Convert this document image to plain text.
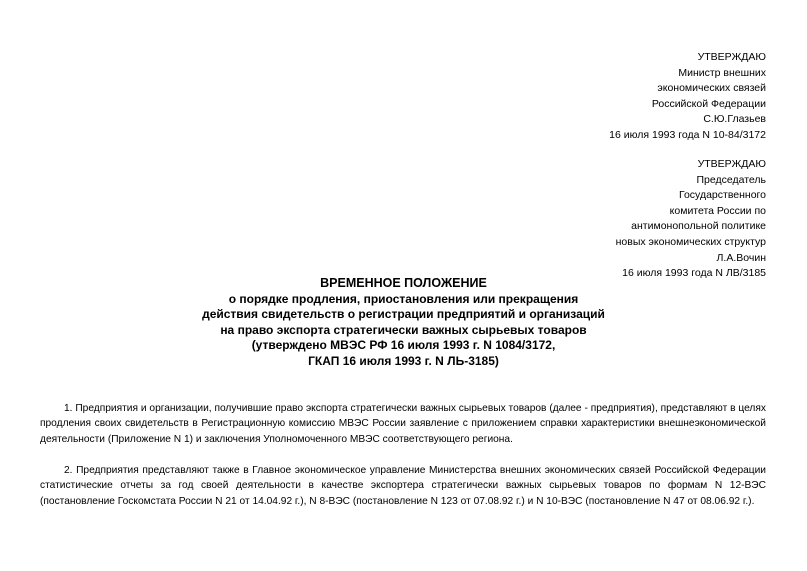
УТВЕРЖДАЮ
Министр внешних
экономических связей
Российской Федерации
С.Ю.Глазьев
16 июля 1993 года N 10-84/3172
УТВЕРЖДАЮ
Председатель
Государственного
комитета России по
антимонопольной политике
новых экономических структур
Л.А.Вочин
16 июля 1993 года N ЛВ/3185
ВРЕМЕННОЕ ПОЛОЖЕНИЕ
о порядке продления, приостановления или прекращения
действия свидетельств о регистрации предприятий и организаций
на право экспорта стратегически важных сырьевых товаров
(утверждено МВЭС РФ 16 июля 1993 г. N 1084/3172,
ГКАП 16 июля 1993 г. N ЛЬ-3185)

1. Предприятия и организации, получившие право экспорта стратегически важных сырьевых товаров (далее - предприятия), представляют в целях продления своих свидетельств в Регистрационную комиссию МВЭС России заявление с приложением справки характеристики внешнеэкономической деятельности (Приложение N 1) и заключения Уполномоченного МВЭС соответствующего региона.

2. Предприятия представляют также в Главное экономическое управление Министерства внешних экономических связей Российской Федерации статистические отчеты за год своей деятельности в качестве экспортера стратегически важных сырьевых товаров по формам N 12-ВЭС (постановление Госкомстата России N 21 от 14.04.92 г.), N 8-ВЭС (постановление N 123 от 07.08.92 г.) и N 10-ВЭС (постановление N 47 от 08.06.92 г.).
